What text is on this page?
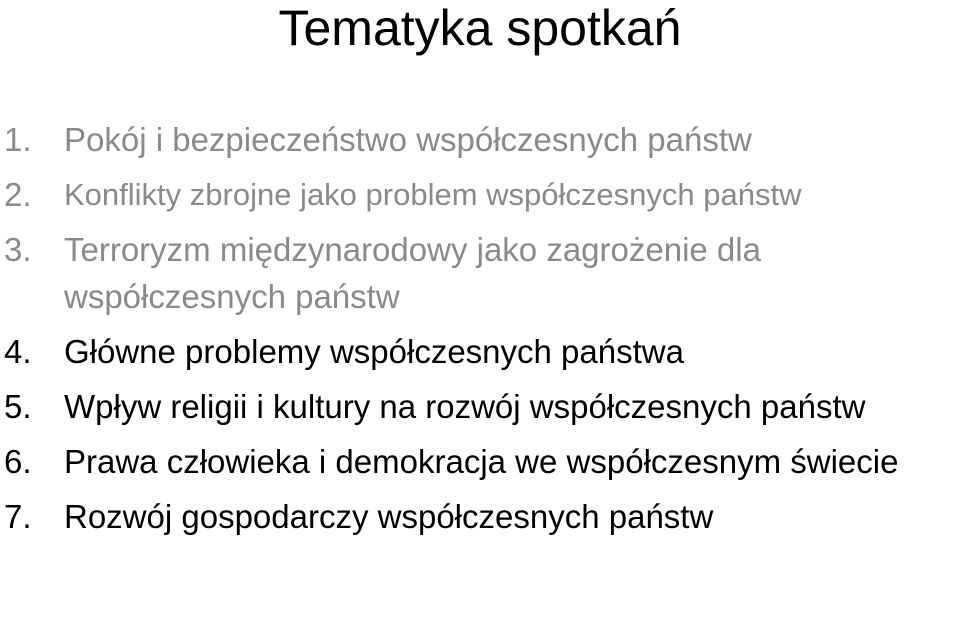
Tematyka spotkań
1. Pokój i bezpieczeństwo współczesnych państw
2.	Konflikty zbrojne jako problem współczesnych państw
3. Terroryzm międzynarodowy jako zagrożenie dla współczesnych państw
4. Główne problemy współczesnych państwa
5. Wpływ religii i kultury na rozwój współczesnych państw
6. Prawa człowieka i demokracja we współczesnym świecie
7. Rozwój gospodarczy współczesnych państw
